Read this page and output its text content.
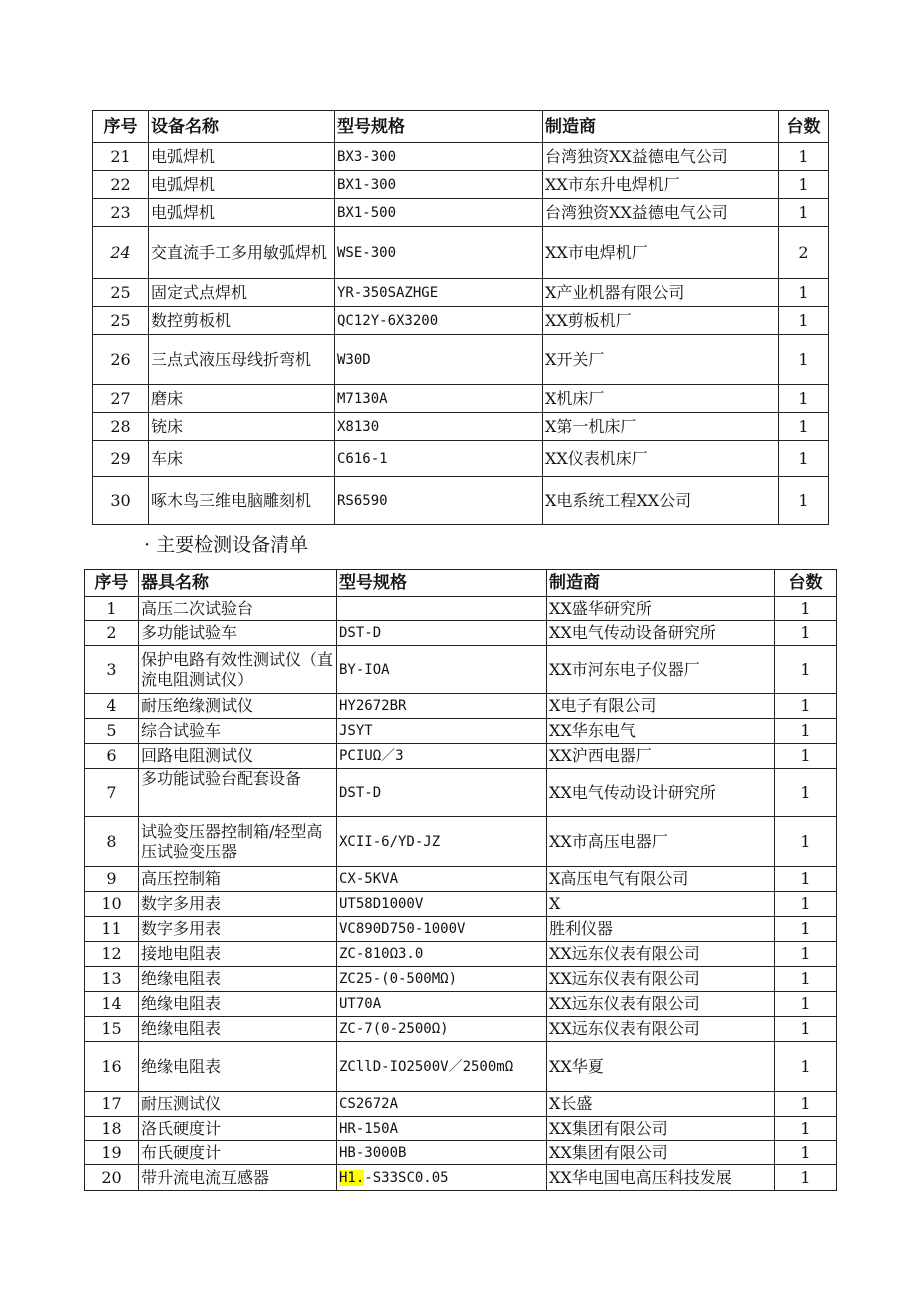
序号	设备名称	型号规格	制造商	台数
21	电弧焊机	BX3-300	台湾独资XX益德电气公司	1
22	电弧焊机	BX1-300	XX市东升电焊机厂	1
23	电弧焊机	BX1-500	台湾独资XX益德电气公司	1
24	交直流手工多用敏弧焊机	WSE-300	XX市电焊机厂	2
25	固定式点焊机	YR-350SAZHGE	X产业机器有限公司	1
25	数控剪板机	QC12Y-6X3200	XX剪板机厂	1
26	三点式液压母线折弯机	W30D	X开关厂	1
27	磨床	M7130A	X机床厂	1
28	铳床	X8130	X第一机床厂	1
29	车床	C616-1	XX仪表机床厂	1
30	啄木鸟三维电脑雕刻机	RS6590	X电系统工程XX公司	1
· 主要检测设备清单
序号	器具名称	型号规格	制造商	台数
1	高压二次试验台		XX盛华研究所	1
2	多功能试验车	DST-D	XX电气传动设备研究所	1
3	保护电路有效性测试仪（直流电阻测试仪）	BY-IOA	XX市河东电子仪器厂	1
4	耐压绝缘测试仪	HY2672BR	X电子有限公司	1
5	综合试验车	JSYT	XX华东电气	1
6	回路电阻测试仪	PCIUΩ／3	XX沪西电器厂	1
7	多功能试验台配套设备	DST-D	XX电气传动设计研究所	1
8	试验变压器控制箱/轻型高压试验变压器	XCII-6/YD-JZ	XX市高压电器厂	1
9	高压控制箱	CX-5KVA	X高压电气有限公司	1
10	数字多用表	UT58D1000V	X	1
11	数字多用表	VC890D750-1000V	胜利仪器	1
12	接地电阻表	ZC-810Ω3.0	XX远东仪表有限公司	1
13	绝缘电阻表	ZC25-(0-500MΩ)	XX远东仪表有限公司	1
14	绝缘电阻表	UT70A	XX远东仪表有限公司	1
15	绝缘电阻表	ZC-7(0-2500Ω)	XX远东仪表有限公司	1
16	绝缘电阻表	ZCllD-IO2500V／2500mΩ	XX华夏	1
17	耐压测试仪	CS2672A	X长盛	1
18	洛氏硬度计	HR-150A	XX集团有限公司	1
19	布氏硬度计	HB-3000B	XX集团有限公司	1
20	带升流电流互感器	H1.-S33SC0.05	XX华电国电高压科技发展	1
